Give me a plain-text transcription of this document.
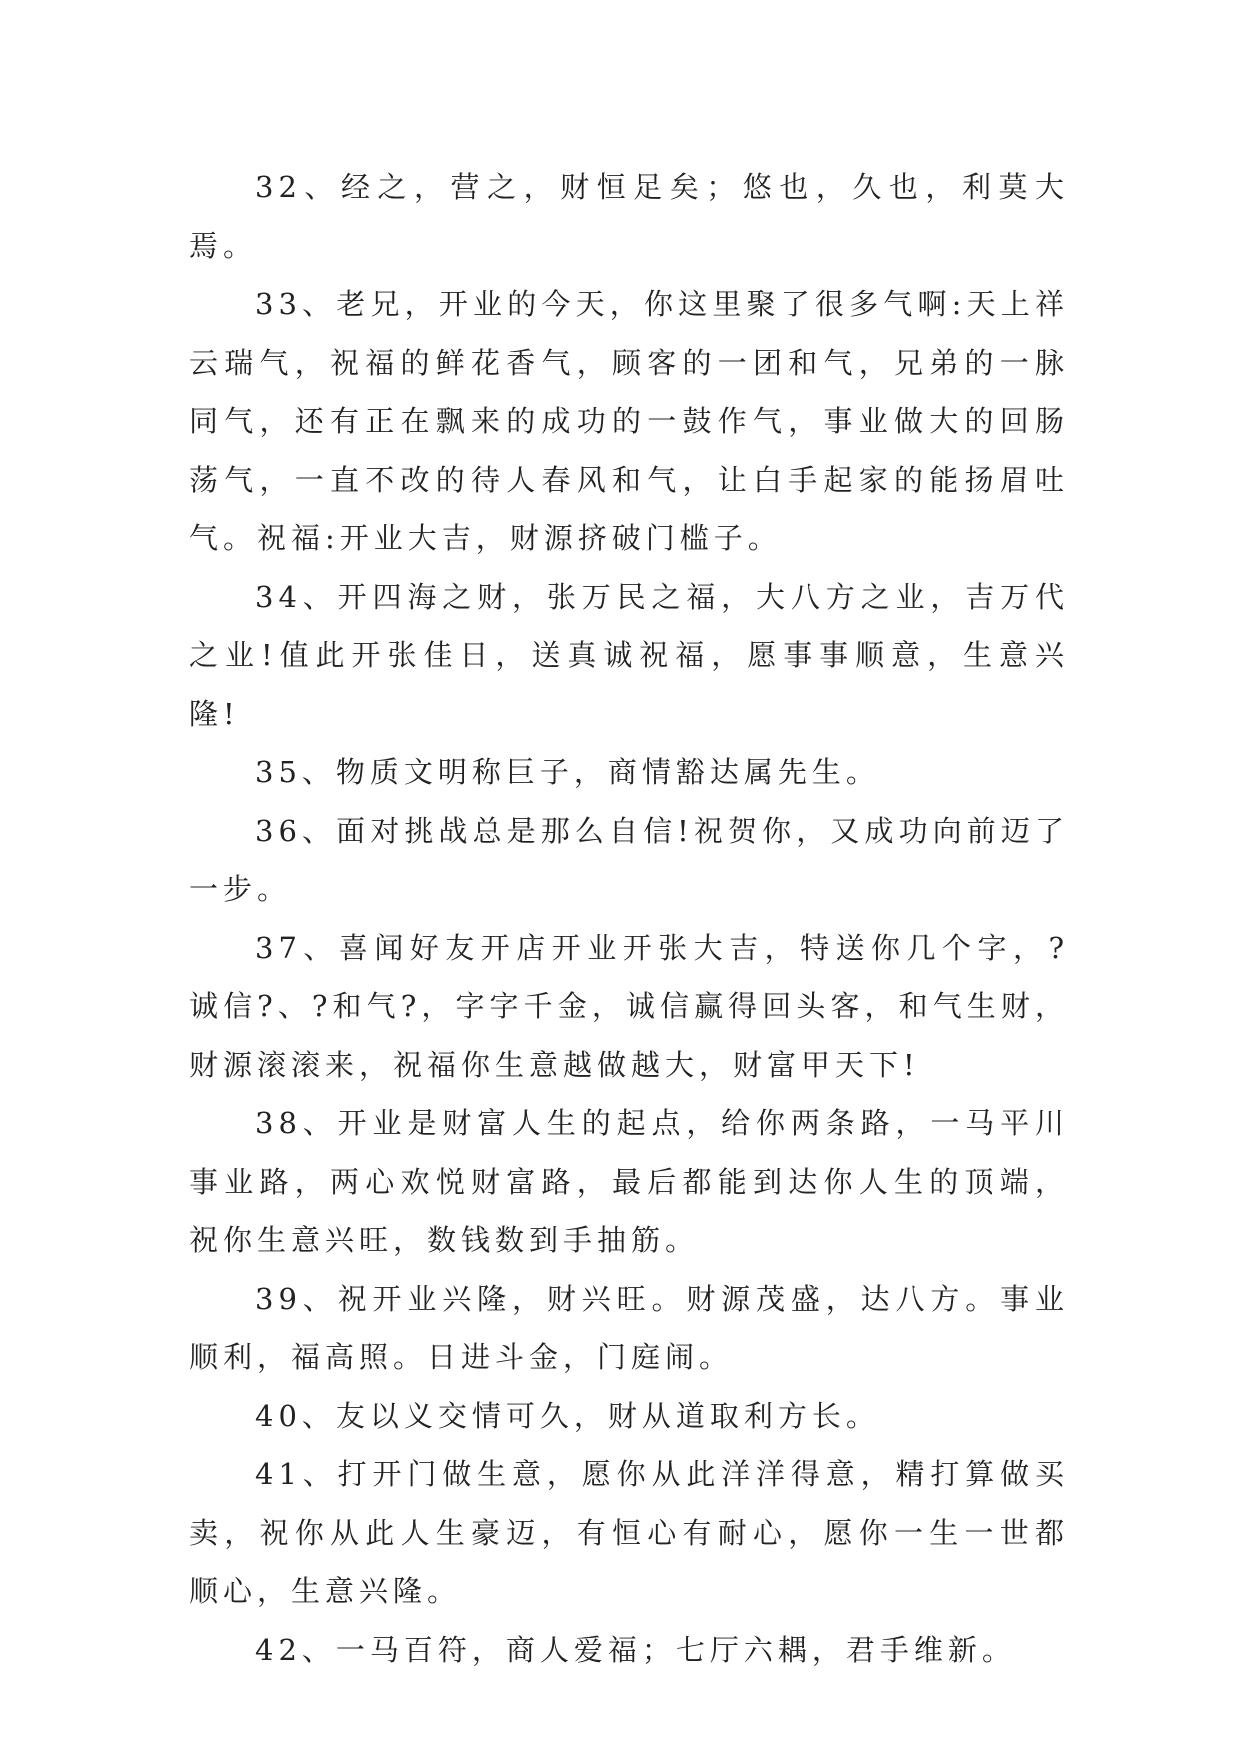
32、经之，营之，财恒足矣；悠也，久也，利莫大焉。

33、老兄，开业的今天，你这里聚了很多气啊:天上祥云瑞气，祝福的鲜花香气，顾客的一团和气，兄弟的一脉同气，还有正在飘来的成功的一鼓作气，事业做大的回肠荡气，一直不改的待人春风和气，让白手起家的能扬眉吐气。祝福:开业大吉，财源挤破门槛子。

34、开四海之财，张万民之福，大八方之业，吉万代之业!值此开张佳日，送真诚祝福，愿事事顺意，生意兴隆!

35、物质文明称巨子，商情豁达属先生。

36、面对挑战总是那么自信!祝贺你，又成功向前迈了一步。

37、喜闻好友开店开业开张大吉，特送你几个字，?诚信?、?和气?，字字千金，诚信赢得回头客，和气生财，财源滚滚来，祝福你生意越做越大，财富甲天下!

38、开业是财富人生的起点，给你两条路，一马平川事业路，两心欢悦财富路，最后都能到达你人生的顶端，祝你生意兴旺，数钱数到手抽筋。

39、祝开业兴隆，财兴旺。财源茂盛，达八方。事业顺利，福高照。日进斗金，门庭闹。

40、友以义交情可久，财从道取利方长。

41、打开门做生意，愿你从此洋洋得意，精打算做买卖，祝你从此人生豪迈，有恒心有耐心，愿你一生一世都顺心，生意兴隆。

42、一马百符，商人爱福；七厅六耦，君手维新。
